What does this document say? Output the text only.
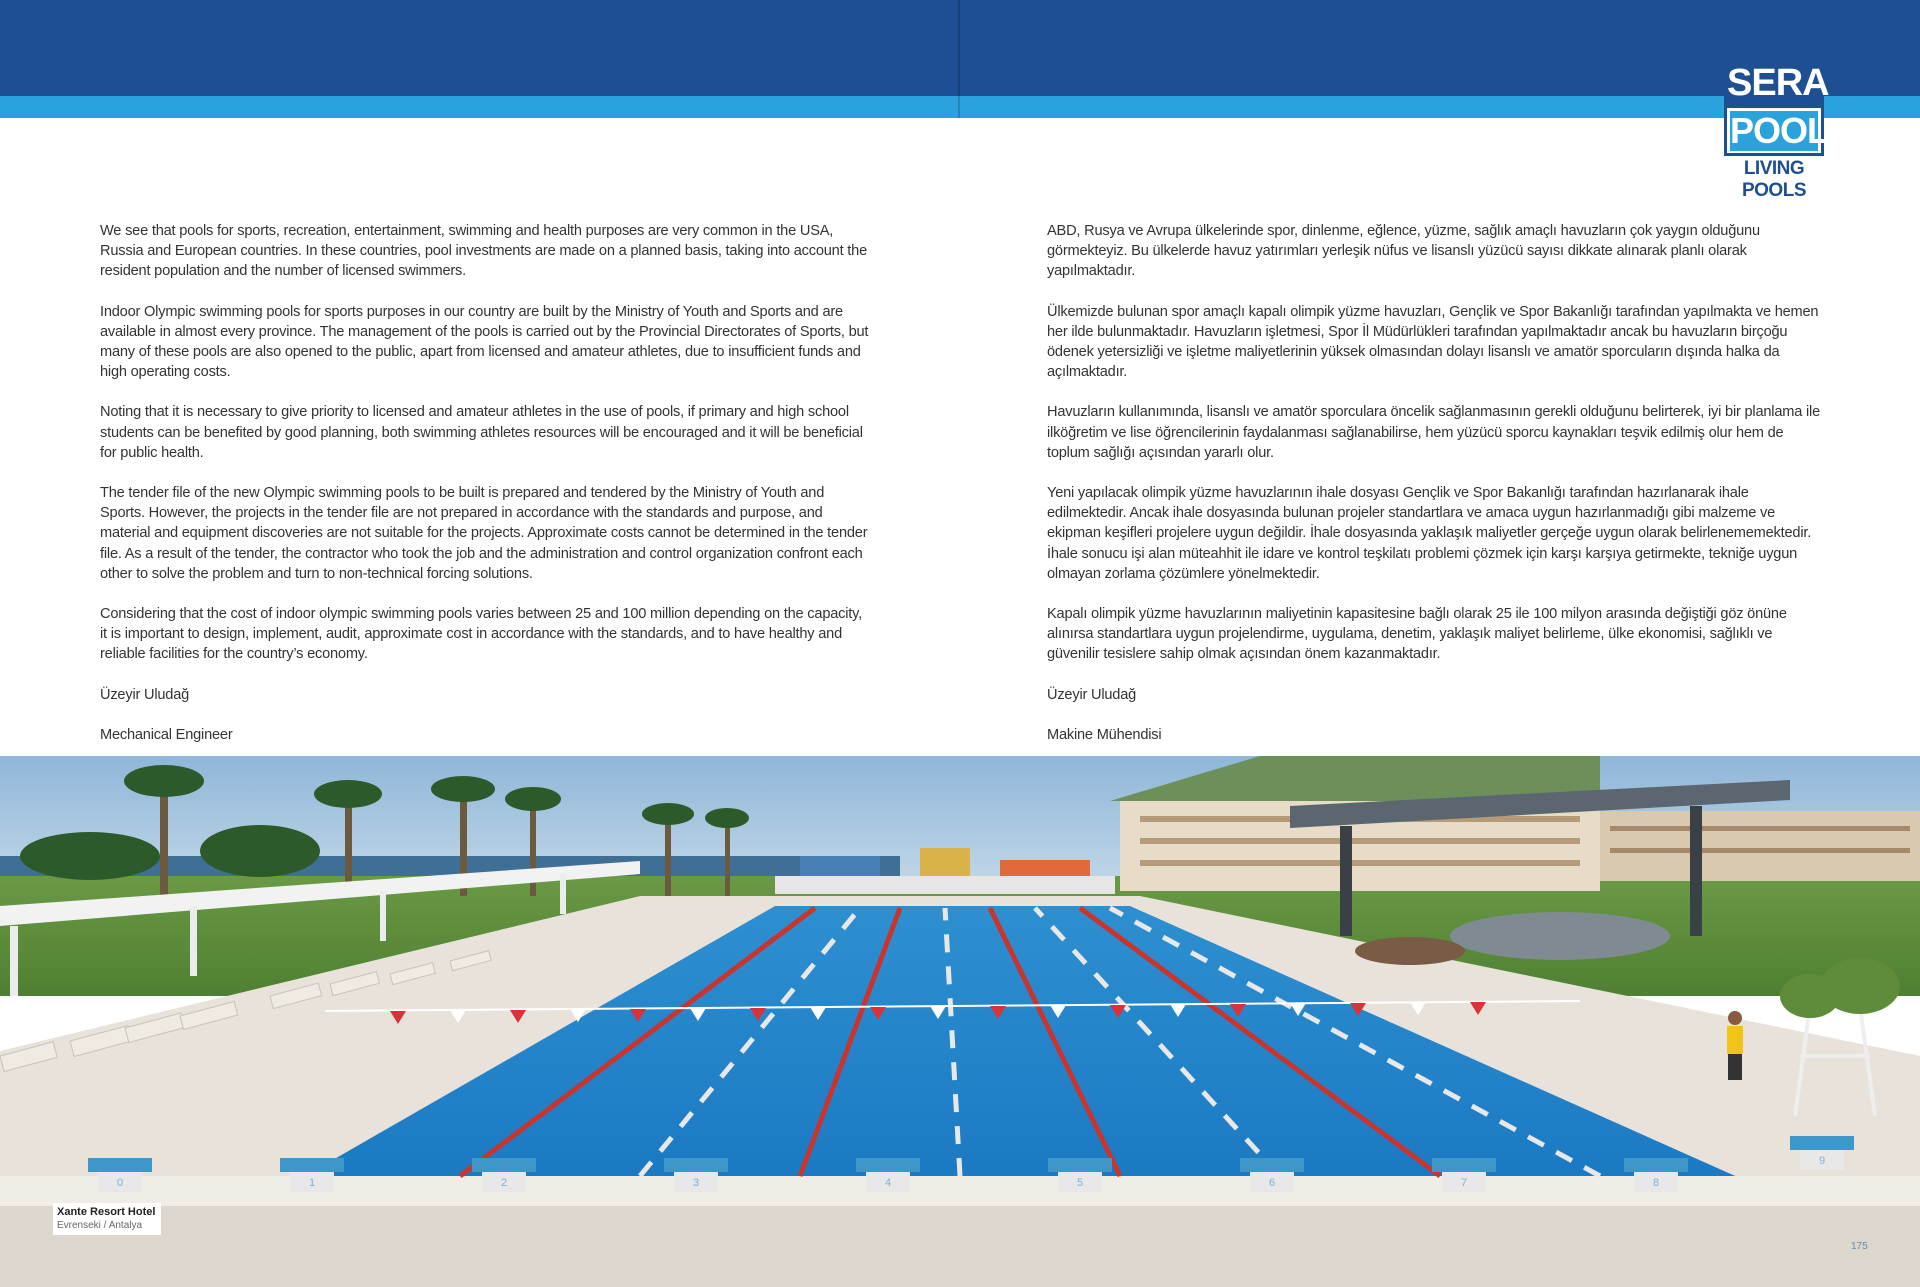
SERA
POOL
LIVING POOLS

We see that pools for sports, recreation, entertainment, swimming and health purposes are very common in the USA, Russia and European countries. In these countries, pool investments are made on a planned basis, taking into account the resident population and the number of licensed swimmers.

Indoor Olympic swimming pools for sports purposes in our country are built by the Ministry of Youth and Sports and are available in almost every province. The management of the pools is carried out by the Provincial Directorates of Sports, but many of these pools are also opened to the public, apart from licensed and amateur athletes, due to insufficient funds and high operating costs.

Noting that it is necessary to give priority to licensed and amateur athletes in the use of pools, if primary and high school students can be benefited by good planning, both swimming athletes resources will be encouraged and it will be beneficial for public health.

The tender file of the new Olympic swimming pools to be built is prepared and tendered by the Ministry of Youth and Sports. However, the projects in the tender file are not prepared in accordance with the standards and purpose, and material and equipment discoveries are not suitable for the projects. Approximate costs cannot be determined in the tender file. As a result of the tender, the contractor who took the job and the administration and control organization confront each other to solve the problem and turn to non-technical forcing solutions.

Considering that the cost of indoor olympic swimming pools varies between 25 and 100 million depending on the capacity, it is important to design, implement, audit, approximate cost in accordance with the standards, and to have healthy and reliable facilities for the country’s economy.

Üzeyir Uludağ

Mechanical Engineer

ABD, Rusya ve Avrupa ülkelerinde spor, dinlenme, eğlence, yüzme, sağlık amaçlı havuzların çok yaygın olduğunu görmekteyiz. Bu ülkelerde havuz yatırımları yerleşik nüfus ve lisanslı yüzücü sayısı dikkate alınarak planlı olarak yapılmaktadır.

Ülkemizde bulunan spor amaçlı kapalı olimpik yüzme havuzları, Gençlik ve Spor Bakanlığı tarafından yapılmakta ve hemen her ilde bulunmaktadır. Havuzların işletmesi, Spor İl Müdürlükleri tarafından yapılmaktadır ancak bu havuzların birçoğu ödenek yetersizliği ve işletme maliyetlerinin yüksek olmasından dolayı lisanslı ve amatör sporcuların dışında halka da açılmaktadır.

Havuzların kullanımında, lisanslı ve amatör sporculara öncelik sağlanmasının gerekli olduğunu belirterek, iyi bir planlama ile ilköğretim ve lise öğrencilerinin faydalanması sağlanabilirse, hem yüzücü sporcu kaynakları teşvik edilmiş olur hem de toplum sağlığı açısından yararlı olur.

Yeni yapılacak olimpik yüzme havuzlarının ihale dosyası Gençlik ve Spor Bakanlığı tarafından hazırlanarak ihale edilmektedir. Ancak ihale dosyasında bulunan projeler standartlara ve amaca uygun hazırlanmadığı gibi malzeme ve ekipman keşifleri projelere uygun değildir. İhale dosyasında yaklaşık maliyetler gerçeğe uygun olarak belirlenememektedir. İhale sonucu işi alan müteahhit ile idare ve kontrol teşkilatı problemi çözmek için karşı karşıya getirmekte, tekniğe uygun olmayan zorlama çözümlere yönelmektedir.

Kapalı olimpik yüzme havuzlarının maliyetinin kapasitesine bağlı olarak 25 ile 100 milyon arasında değiştiği göz önüne alınırsa standartlara uygun projelendirme, uygulama, denetim, yaklaşık maliyet belirleme, ülke ekonomisi, sağlıklı ve güvenilir tesislere sahip olmak açısından önem kazanmaktadır.

Üzeyir Uludağ

Makine Mühendisi

0	1	2	3	4	5	6	7	8
9
Xante Resort Hotel
Evrenseki / Antalya
175
